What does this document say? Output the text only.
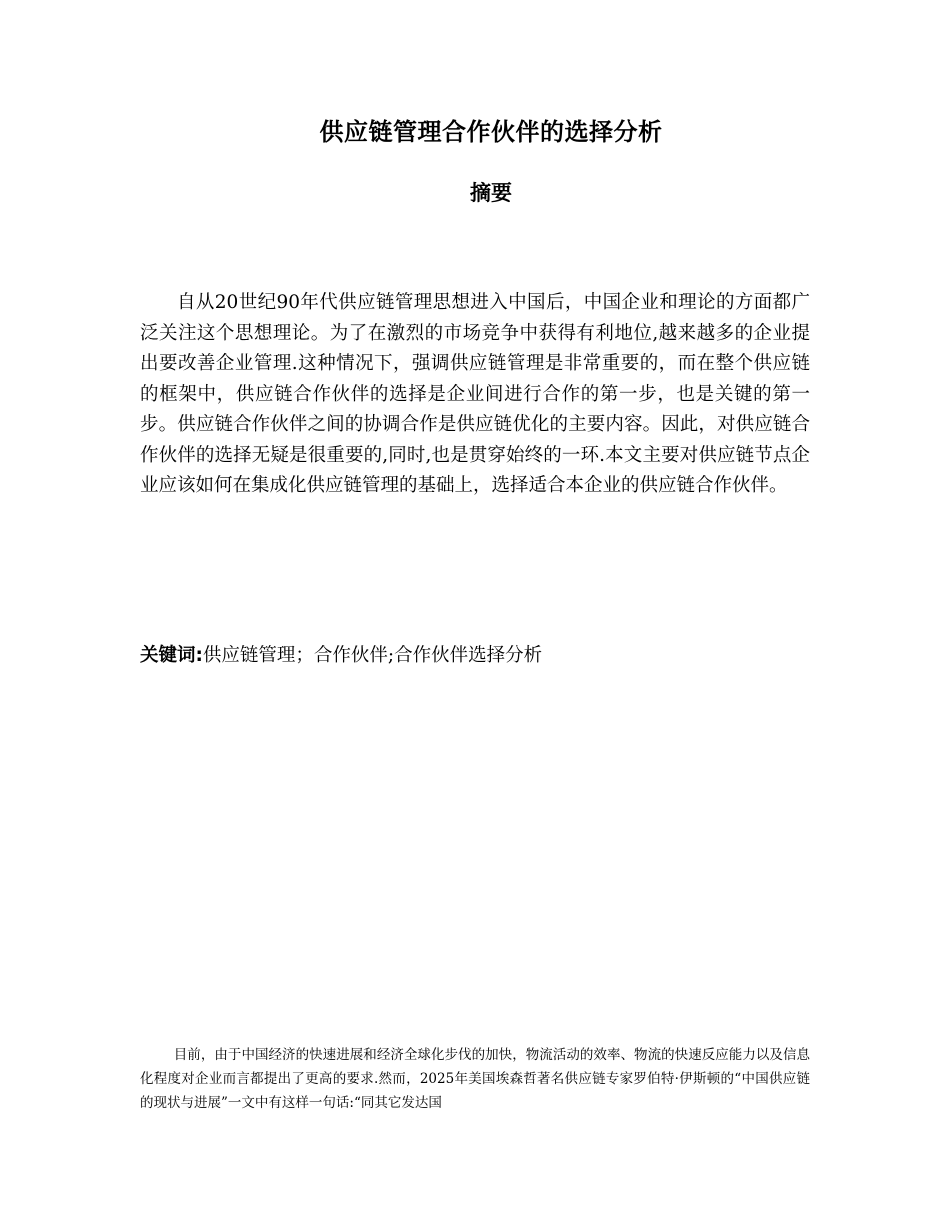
供应链管理合作伙伴的选择分析
摘要
自从20世纪90年代供应链管理思想进入中国后，中国企业和理论的方面都广泛关注这个思想理论。为了在激烈的市场竞争中获得有利地位,越来越多的企业提出要改善企业管理.这种情况下，强调供应链管理是非常重要的，而在整个供应链的框架中，供应链合作伙伴的选择是企业间进行合作的第一步，也是关键的第一步。供应链合作伙伴之间的协调合作是供应链优化的主要内容。因此，对供应链合作伙伴的选择无疑是很重要的,同时,也是贯穿始终的一环.本文主要对供应链节点企业应该如何在集成化供应链管理的基础上，选择适合本企业的供应链合作伙伴。
关键词:供应链管理；合作伙伴;合作伙伴选择分析
目前，由于中国经济的快速进展和经济全球化步伐的加快，物流活动的效率、物流的快速反应能力以及信息化程度对企业而言都提出了更高的要求.然而，2025年美国埃森哲著名供应链专家罗伯特·伊斯顿的“中国供应链的现状与进展”一文中有这样一句话:“同其它发达国
